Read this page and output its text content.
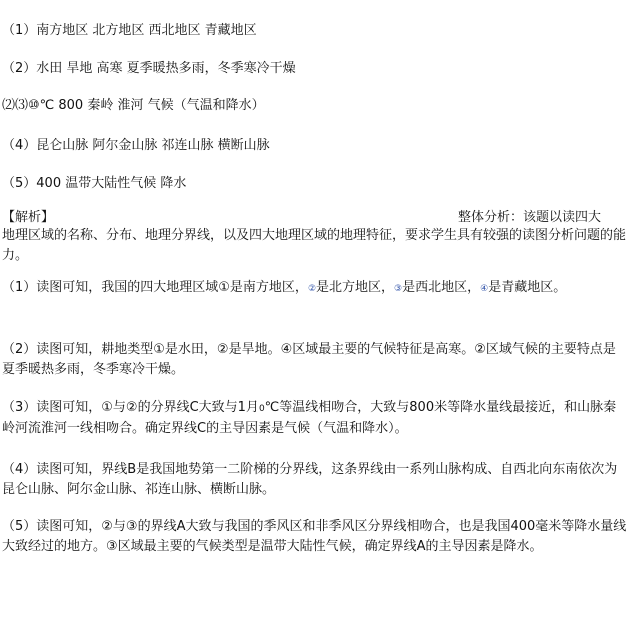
（1）南方地区 北方地区 西北地区 青藏地区
（2）水田 旱地 高寒 夏季暖热多雨，冬季寒冷干燥
⑵⑶⑩℃ 800 秦岭 淮河 气候（气温和降水）
（4）昆仑山脉 阿尔金山脉 祁连山脉 横断山脉
（5）400 温带大陆性气候 降水
【解析】	整体分析：该题以读四大
地理区域的名称、分布、地理分界线，以及四大地理区域的地理特征，要求学生具有较强的读图分析问题的能力。
（1）读图可知，我国的四大地理区域①是南方地区，②是北方地区，③是西北地区，④是青藏地区。
（2）读图可知，耕地类型①是水田，②是旱地。④区域最主要的气候特征是高寒。②区域气候的主要特点是夏季暖热多雨，冬季寒冷干燥。
（3）读图可知，①与②的分界线C大致与1月0℃等温线相吻合，大致与800米等降水量线最接近，和山脉秦岭河流淮河一线相吻合。确定界线C的主导因素是气候（气温和降水）。
（4）读图可知，界线B是我国地势第一二阶梯的分界线，这条界线由一系列山脉构成、自西北向东南依次为昆仑山脉、阿尔金山脉、祁连山脉、横断山脉。
（5）读图可知，②与③的界线A大致与我国的季风区和非季风区分界线相吻合，也是我国400毫米等降水量线大致经过的地方。③区域最主要的气候类型是温带大陆性气候，确定界线A的主导因素是降水。
